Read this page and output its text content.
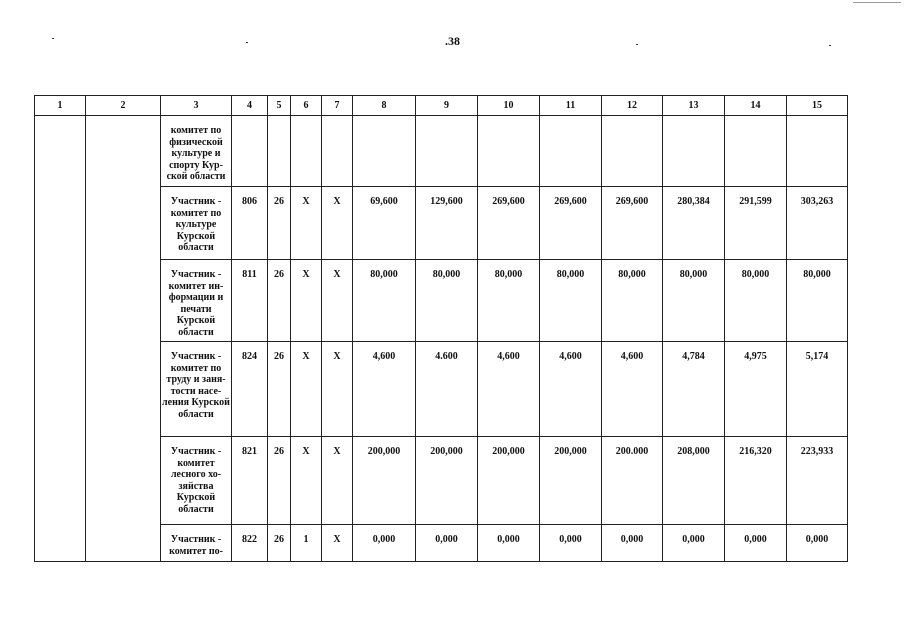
.38
1	2	3	4	5	6	7	8	9	10	11	12	13	14	15
		комитет по физической культуре и спорту Кур-ской области												
		Участник - комитет по культуре Курской области	806	26	X	X	69,600	129,600	269,600	269,600	269,600	280,384	291,599	303,263
		Участник - комитет ин-формации и печати Курской области	811	26	X	X	80,000	80,000	80,000	80,000	80,000	80,000	80,000	80,000
		Участник - комитет по труду и заня-тости насе-ления Курской области	824	26	X	X	4,600	4.600	4,600	4,600	4,600	4,784	4,975	5,174
		Участник - комитет лесного хо-зяйства Курской области	821	26	X	X	200,000	200,000	200,000	200,000	200.000	208,000	216,320	223,933
		Участник - комитет по-	822	26	1	X	0,000	0,000	0,000	0,000	0,000	0,000	0,000	0,000
